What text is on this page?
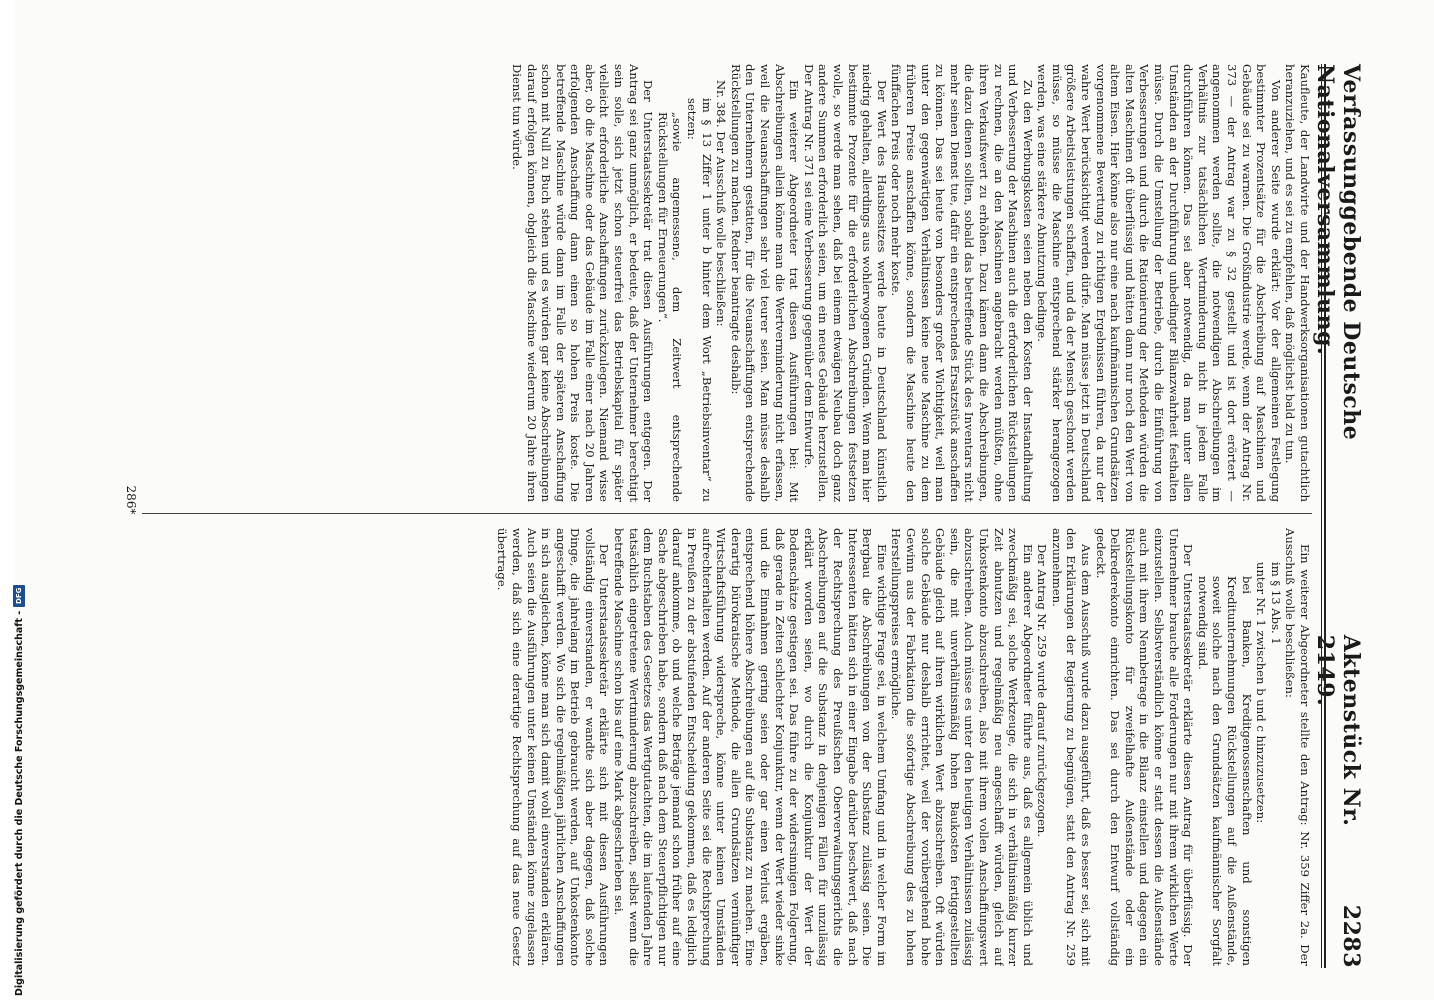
Verfassunggebende Deutsche Nationalversammlung.
Aktenstück Nr. 2149.
2283

Kaufleute, der Landwirte und der Handwerksorganisationen gutachtlich heranzuziehen, und es sei zu empfehlen, daß möglichst bald zu tun.

Von anderer Seite wurde erklärt: Vor der allgemeinen Festlegung bestimmter Prozentsätze für die Abschreibung auf Maschinen und Gebäude sei zu warnen. Die Großindustrie werde, wenn der Antrag Nr. 373 — der Antrag war zu § 32 gestellt und ist dort erörtert — angenommen werden sollte, die notwendigen Abschreibungen im Verhältnis zur tatsächlichen Wertminderung nicht in jedem Falle durchführen können. Das sei aber notwendig, da man unter allen Umständen an der Durchführung unbedingter Bilanzwahrheit festhalten müsse. Durch die Umstellung der Betriebe, durch die Einführung von Verbesserungen und durch die Rationierung der Methoden würden die alten Maschinen oft überflüssig und hätten dann nur noch den Wert von altem Eisen. Hier könne also nur eine nach kaufmännischen Grundsätzen vorgenommene Bewertung zu richtigen Ergebnissen führen, da nur der wahre Wert berücksichtigt werden dürfe. Man müsse jetzt in Deutschland größere Arbeitsleistungen schaffen, und da der Mensch geschont werden müsse, so müsse die Maschine entsprechend stärker herangezogen werden, was eine stärkere Abnutzung bedinge.

Zu den Werbungskosten seien neben den Kosten der Instandhaltung und Verbesserung der Maschinen auch die erforderlichen Rückstellungen zu rechnen, die an den Maschinen angebracht werden müßten, ohne ihren Verkaufswert zu erhöhen. Dazu kämen dann die Abschreibungen, die dazu dienen sollten, sobald das betreffende Stück des Inventars nicht mehr seinen Dienst tue, dafür ein entsprechendes Ersatzstück anschaffen zu können. Das sei heute von besonders großer Wichtigkeit, weil man unter den gegenwärtigen Verhältnissen keine neue Maschine zu dem früheren Preise anschaffen könne, sondern die Maschine heute den fünffachen Preis oder noch mehr koste.

Der Wert des Hausbesitzes werde heute in Deutschland künstlich niedrig gehalten, allerdings aus wohlerwogenen Gründen. Wenn man hier bestimmte Prozente für die erforderlichen Abschreibungen festsetzen wolle, so werde man sehen, daß bei einem etwaigen Neubau doch ganz andere Summen erforderlich seien, um ein neues Gebäude herzustellen. Der Antrag Nr. 371 sei eine Verbesserung gegenüber dem Entwurfe.

Ein weiterer Abgeordneter trat diesen Ausführungen bei: Mit Abschreibungen allein könne man die Wertverminderung nicht erfassen, weil die Neuanschaffungen sehr viel teurer seien. Man müsse deshalb den Unternehmern gestatten, für die Neuanschaffungen entsprechende Rückstellungen zu machen. Redner beantragte deshalb:

Nr. 384. Der Ausschuß wolle beschließen:

im § 13 Ziffer 1 unter b hinter dem Wort „Betriebsinventar“ zu setzen:

„sowie angemessene, dem Zeitwert entsprechende Rückstellungen für Erneuerungen“.

Der Unterstaatssekretär trat diesen Ausführungen entgegen. Der Antrag sei ganz unmöglich, er bedeute, daß der Unternehmer berechtigt sein solle, sich jetzt schon steuerfrei das Betriebskapital für später vielleicht erforderliche Anschaffungen zurückzulegen. Niemand wisse aber, ob die Maschine oder das Gebäude im Falle einer nach 20 Jahren erfolgenden Anschaffung dann einen so hohen Preis koste. Die betreffende Maschine würde dann im Falle der späteren Anschaffung schon mit Null zu Buch stehen und es würden gar keine Abschreibungen darauf erfolgen können, obgleich die Maschine wiederum 20 Jahre ihren Dienst tun würde.

Ein weiterer Abgeordneter stellte den Antrag: Nr. 359 Ziffer 2a. Der Ausschuß wolle beschließen:

im § 13 Abs. 1

unter Nr. 1 zwischen b und c hinzuzusetzen:

bei Banken, Kreditgenossenschaften und sonstigen Kreditunternehmungen Rückstellungen auf die Außenstände, soweit solche nach den Grundsätzen kaufmännischer Sorgfalt notwendig sind.

Der Unterstaatssekretär erklärte diesen Antrag für überflüssig. Der Unternehmer brauche alle Forderungen nur mit ihrem wirklichen Werte einzustellen. Selbstverständlich könne er statt dessen die Außenstände auch mit ihrem Nennbetrage in die Bilanz einstellen und dagegen ein Rückstellungskonto für zweifelhafte Außenstände oder ein Delkrederekonto einrichten. Das sei durch den Entwurf vollständig gedeckt.

Aus dem Ausschuß wurde dazu ausgeführt, daß es besser sei, sich mit den Erklärungen der Regierung zu begnügen, statt den Antrag Nr. 259 anzunehmen.

Der Antrag Nr. 259 wurde darauf zurückgezogen.

Ein anderer Abgeordneter führte aus, daß es allgemein üblich und zweckmäßig sei, solche Werkzeuge, die sich in verhältnismäßig kurzer Zeit abnutzen und regelmäßig neu angeschafft würden, gleich auf Unkostenkonto abzuschreiben, also mit ihrem vollen Anschaffungswert abzuschreiben. Auch müsse es unter den heutigen Verhältnissen zulässig sein, die mit unverhältnismäßig hohen Baukosten fertiggestellten Gebäude gleich auf ihren wirklichen Wert abzuschreiben. Oft würden solche Gebäude nur deshalb errichtet, weil der vorübergehend hohe Gewinn aus der Fabrikation die sofortige Abschreibung des zu hohen Herstellungspreises ermögliche.

Eine wichtige Frage sei, in welchem Umfang und in welcher Form im Bergbau die Abschreibungen von der Substanz zulässig seien. Die Interessenten hätten sich in einer Eingabe darüber beschwert, daß nach der Rechtsprechung des Preußischen Oberverwaltungsgerichts die Abschreibungen auf die Substanz in denjenigen Fällen für unzulässig erklärt worden seien, wo durch die Konjunktur der Wert der Bodenschätze gestiegen sei. Das führe zu der widersinnigen Folgerung, daß gerade in Zeiten schlechter Konjunktur, wenn der Wert wieder sinke und die Einnahmen gering seien oder gar einen Verlust ergäben, entsprechend höhere Abschreibungen auf die Substanz zu machen. Eine derartig bürokratische Methode, die allen Grundsätzen vernünftiger Wirtschaftsführung widerspreche, könne unter keinen Umständen aufrechterhalten werden. Auf der anderen Seite sei die Rechtsprechung in Preußen zu der abstufenden Entscheidung gekommen, daß es lediglich darauf ankomme, ob und welche Beträge jemand schon früher auf eine Sache abgeschrieben habe, sondern daß nach dem Steuerpflichtigen nur dem Buchstaben des Gesetzes das Wertgutachten, die im laufenden Jahre tatsächlich eingetretene Wertminderung abzuschreiben, selbst wenn die betreffende Maschine schon bis auf eine Mark abgeschrieben sei.

Der Unterstaatssekretär erklärte sich mit diesen Ausführungen vollständig einverstanden, er wandte sich aber dagegen, daß solche Dinge, die jahrelang im Betrieb gebraucht werden, auf Unkostenkonto angeschafft werden. Wo sich die regelmäßigen jährlichen Anschaffungen in sich ausgleichen, könne man sich damit wohl einverstanden erklären. Auch seien die Ausführungen unter keinen Umständen könne zugelassen werden, daß sich eine derartige Rechtsprechung auf das neue Gesetz übertrage.

286*
Digitalisierung gefördert durch die Deutsche Forschungsgemeinschaft -
DFG
